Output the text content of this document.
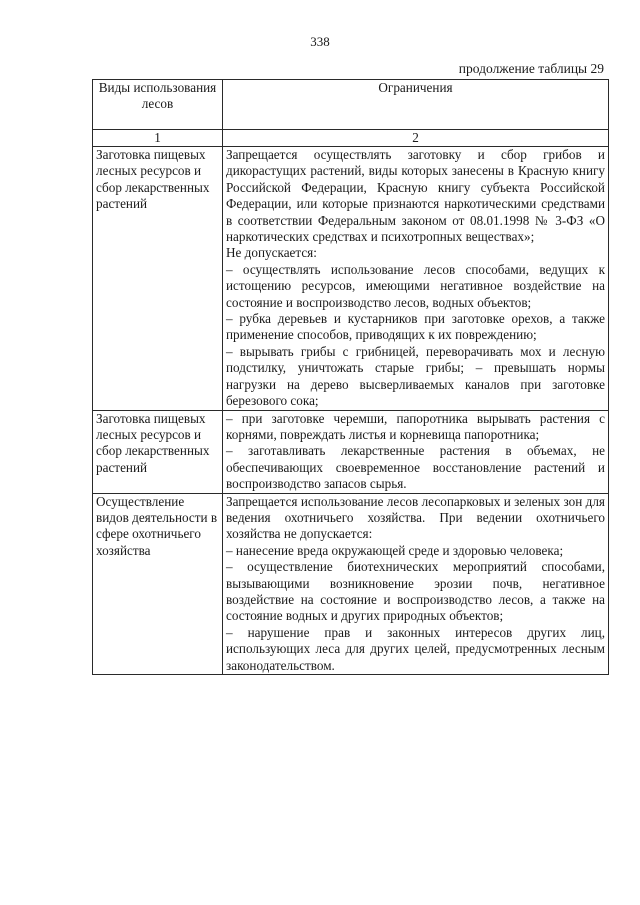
338
продолжение таблицы 29
Виды использования лесов	Ограничения
1	2
Заготовка пищевых лесных ресурсов и сбор лекарственных растений	Запрещается осуществлять заготовку и сбор грибов и дикорастущих растений, виды которых занесены в Красную книгу Российской Федерации, Красную книгу субъекта Российской Федерации, или которые признаются наркотическими средствами в соответствии Федеральным законом от 08.01.1998 № 3-ФЗ «О наркотических средствах и психотропных веществах»;
Не допускается:
– осуществлять использование лесов способами, ведущих к истощению ресурсов, имеющими негативное воздействие на состояние и воспроизводство лесов, водных объектов;
– рубка деревьев и кустарников при заготовке орехов, а также применение способов, приводящих к их повреждению;
– вырывать грибы с грибницей, переворачивать мох и лесную подстилку, уничтожать старые грибы; – превышать нормы нагрузки на дерево высверливаемых каналов при заготовке березового сока;

Заготовка пищевых лесных ресурсов и сбор лекарственных растений	– при заготовке черемши, папоротника вырывать растения с корнями, повреждать листья и корневища папоротника;
– заготавливать лекарственные растения в объемах, не обеспечивающих своевременное восстановление растений и воспроизводство запасов сырья.

Осуществление видов деятельности в сфере охотничьего хозяйства	Запрещается использование лесов лесопарковых и зеленых зон для ведения охотничьего хозяйства. При ведении охотничьего хозяйства не допускается:
– нанесение вреда окружающей среде и здоровью человека;
– осуществление биотехнических мероприятий способами, вызывающими возникновение эрозии почв, негативное воздействие на состояние и воспроизводство лесов, а также на состояние водных и других природных объектов;
– нарушение прав и законных интересов других лиц, использующих леса для других целей, предусмотренных лесным законодательством.
